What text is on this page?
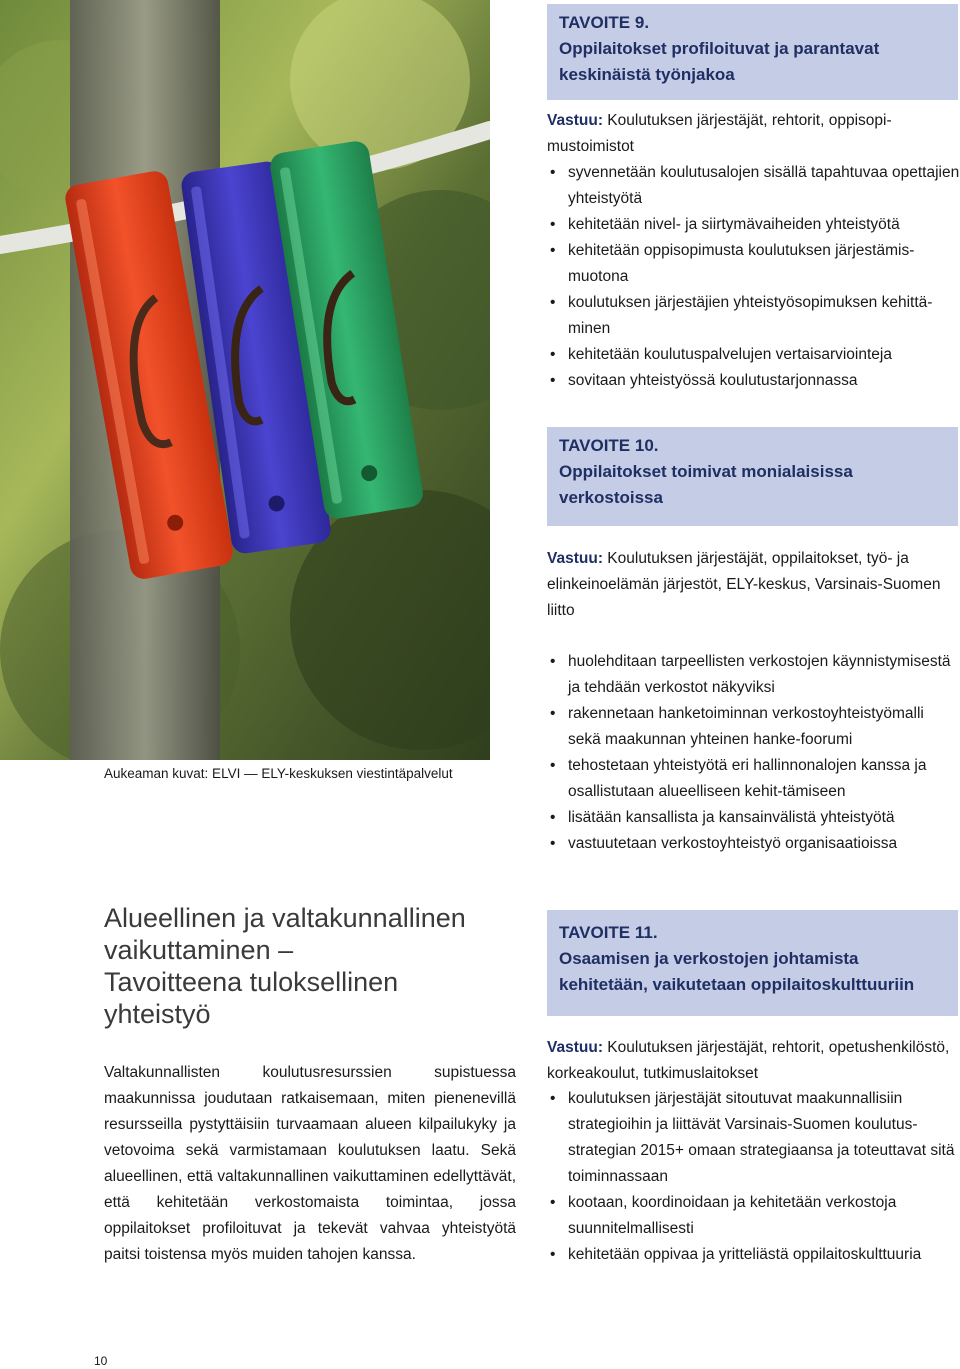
Aukeaman kuvat: ELVI — ELY-keskuksen viestintäpalvelut
TAVOITE 9.
Oppilaitokset profiloituvat ja parantavat
keskinäistä työnjakoa
Vastuu: Koulutuksen järjestäjät, rehtorit, oppisopimustoimistot
• syvennetään koulutusalojen sisällä tapahtuvaa opettajien yhteistyötä
• kehitetään nivel- ja siirtymävaiheiden yhteistyötä
• kehitetään oppisopimusta koulutuksen järjestämismuotona
• koulutuksen järjestäjien yhteistyösopimuksen kehittäminen
• kehitetään koulutuspalvelujen vertaisarviointeja
• sovitaan yhteistyössä koulutustarjonnassa
TAVOITE 10.
Oppilaitokset toimivat monialaisissa
verkostoissa
Vastuu: Koulutuksen järjestäjät, oppilaitokset, työ- ja elinkeinoelämän järjestöt, ELY-keskus, Varsinais-Suomen liitto
• huolehditaan tarpeellisten verkostojen käynnistymisestä ja tehdään verkostot näkyviksi
• rakennetaan hanketoiminnan verkostoyhteistyömalli sekä maakunnan yhteinen hanke-foorumi
• tehostetaan yhteistyötä eri hallinnonalojen kanssa ja osallistutaan alueelliseen kehit-tämiseen
• lisätään kansallista ja kansainvälistä yhteistyötä
• vastuutetaan verkostoyhteistyö organisaatioissa
Alueellinen ja valtakunnallinen
vaikuttaminen –
Tavoitteena tuloksellinen
yhteistyö
Valtakunnallisten koulutusresurssien supistuessa maakunnissa joudutaan ratkaisemaan, miten pienenevillä resursseilla pystyttäisiin turvaamaan alueen kilpailukyky ja vetovoima sekä varmistamaan koulutuksen laatu. Sekä alueellinen, että valtakunnallinen vaikuttaminen edellyttävät, että kehitetään verkostomaista toimintaa, jossa oppilaitokset profiloituvat ja tekevät vahvaa yhteistyötä paitsi toistensa myös muiden tahojen kanssa.
TAVOITE 11.
Osaamisen ja verkostojen johtamista
kehitetään, vaikutetaan oppilaitoskulttuuriin
Vastuu: Koulutuksen järjestäjät, rehtorit, opetushenkilöstö, korkeakoulut, tutkimuslaitokset
• koulutuksen järjestäjät sitoutuvat maakunnallisiin strategioihin ja liittävät Varsinais-Suomen koulutusstrategian 2015+ omaan strategiaansa ja toteuttavat sitä toiminnassaan
• kootaan, koordinoidaan ja kehitetään verkostoja suunnitelmallisesti
• kehitetään oppivaa ja yritteliästä oppilaitoskulttuuria
10
